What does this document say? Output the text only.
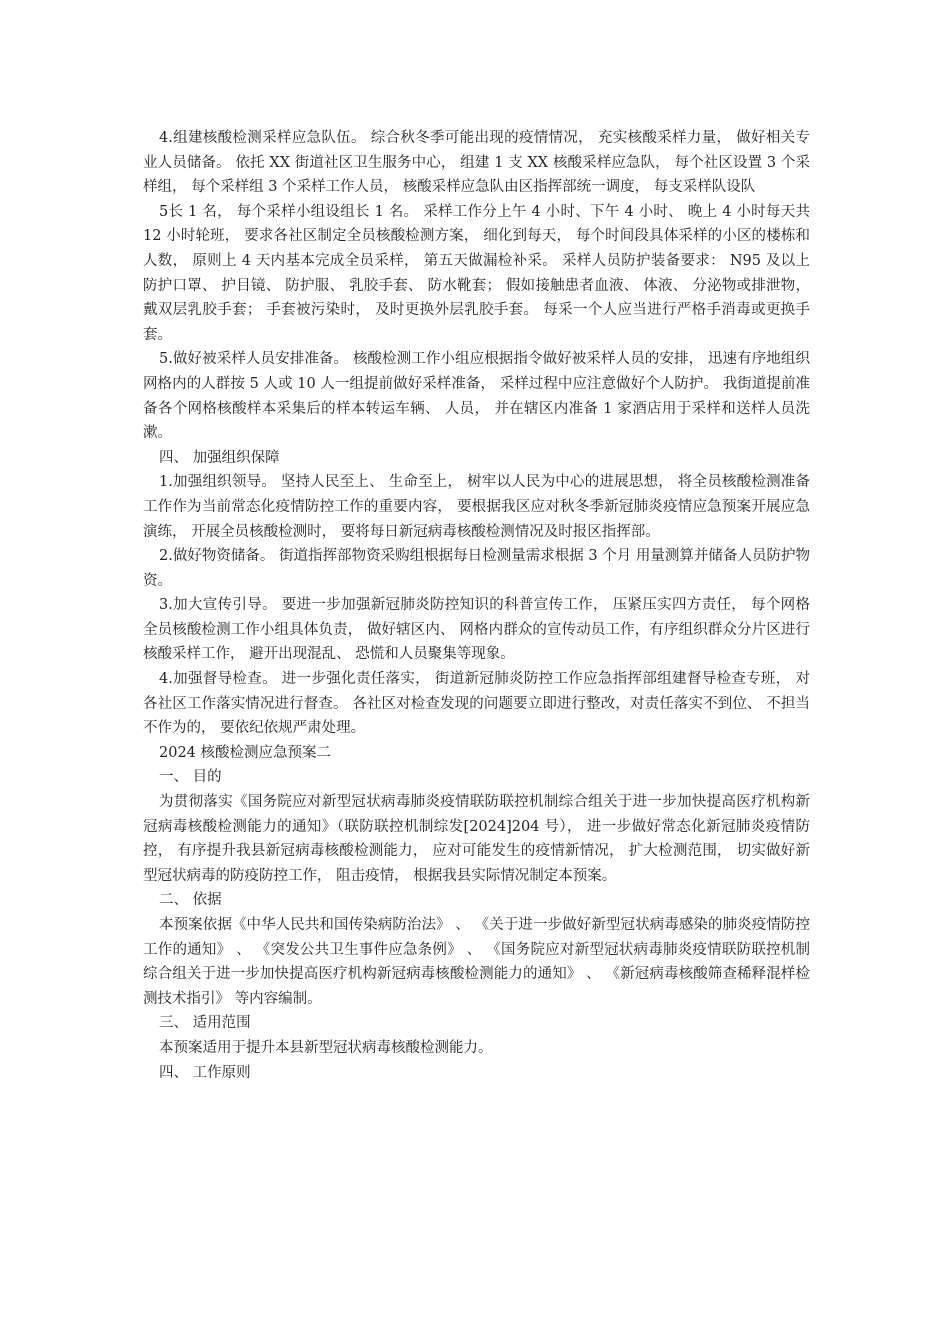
4.组建核酸检测采样应急队伍。 综合秋冬季可能出现的疫情情况， 充实核酸采样力量， 做好相关专业人员储备。 依托 XX 街道社区卫生服务中心， 组建 1 支 XX 核酸采样应急队， 每个社区设置 3 个采样组， 每个采样组 3 个采样工作人员， 核酸采样应急队由区指挥部统一调度， 每支采样队设队

5长 1 名， 每个采样小组设组长 1 名。 采样工作分上午 4 小时、下午 4 小时、 晚上 4 小时每天共 12 小时轮班， 要求各社区制定全员核酸检测方案， 细化到每天， 每个时间段具体采样的小区的楼栋和人数， 原则上 4 天内基本完成全员采样， 第五天做漏检补采。 采样人员防护装备要求： N95 及以上防护口罩、 护目镜、 防护服、 乳胶手套、 防水靴套； 假如接触患者血液、 体液、 分泌物或排泄物， 戴双层乳胶手套； 手套被污染时， 及时更换外层乳胶手套。 每采一个人应当进行严格手消毒或更换手套。

5.做好被采样人员安排准备。 核酸检测工作小组应根据指令做好被采样人员的安排， 迅速有序地组织网格内的人群按 5 人或 10 人一组提前做好采样准备， 采样过程中应注意做好个人防护。 我街道提前准备各个网格核酸样本采集后的样本转运车辆、 人员， 并在辖区内准备 1 家酒店用于采样和送样人员洗漱。

四、 加强组织保障

1.加强组织领导。 坚持人民至上、 生命至上， 树牢以人民为中心的进展思想， 将全员核酸检测准备工作作为当前常态化疫情防控工作的重要内容， 要根据我区应对秋冬季新冠肺炎疫情应急预案开展应急演练， 开展全员核酸检测时， 要将每日新冠病毒核酸检测情况及时报区指挥部。

2.做好物资储备。 街道指挥部物资采购组根据每日检测量需求根据 3 个月 用量测算并储备人员防护物资。

3.加大宣传引导。 要进一步加强新冠肺炎防控知识的科普宣传工作， 压紧压实四方责任， 每个网格全员核酸检测工作小组具体负责， 做好辖区内、 网格内群众的宣传动员工作，有序组织群众分片区进行核酸采样工作， 避开出现混乱、 恐慌和人员聚集等现象。

4.加强督导检查。 进一步强化责任落实， 街道新冠肺炎防控工作应急指挥部组建督导检查专班， 对各社区工作落实情况进行督查。 各社区对检查发现的问题要立即进行整改，对责任落实不到位、 不担当不作为的， 要依纪依规严肃处理。

2024 核酸检测应急预案二

一、 目的

为贯彻落实《国务院应对新型冠状病毒肺炎疫情联防联控机制综合组关于进一步加快提高医疗机构新冠病毒核酸检测能力的通知》（联防联控机制综发[2024]204 号）， 进一步做好常态化新冠肺炎疫情防控， 有序提升我县新冠病毒核酸检测能力， 应对可能发生的疫情新情况， 扩大检测范围， 切实做好新型冠状病毒的防疫防控工作， 阻击疫情， 根据我县实际情况制定本预案。

二、 依据

本预案依据《中华人民共和国传染病防治法》 、 《关于进一步做好新型冠状病毒感染的肺炎疫情防控工作的通知》 、 《突发公共卫生事件应急条例》 、 《国务院应对新型冠状病毒肺炎疫情联防联控机制综合组关于进一步加快提高医疗机构新冠病毒核酸检测能力的通知》 、 《新冠病毒核酸筛查稀释混样检测技术指引》 等内容编制。

三、 适用范围

本预案适用于提升本县新型冠状病毒核酸检测能力。

四、 工作原则
